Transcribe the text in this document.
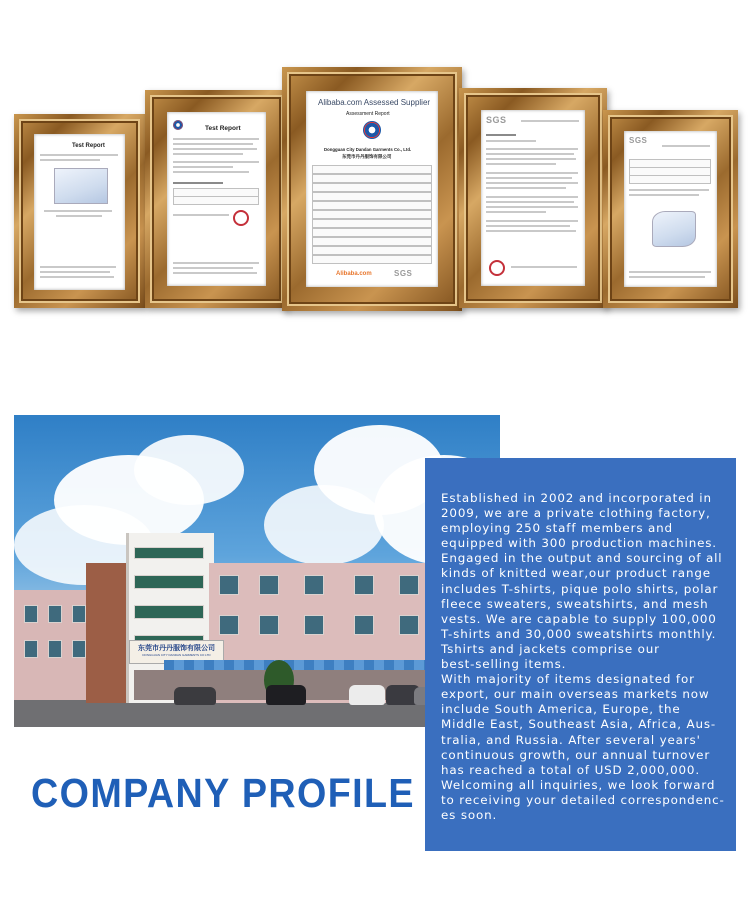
Test Report
Test Report
Alibaba.com Assessed Supplier
Assessment Report
Dongguan City Dandan Garments Co., Ltd.
东莞市丹丹服饰有限公司
Alibaba.com	SGS
SGS
SGS
东莞市丹丹服饰有限公司
DONGGUAN CITY DANDAN GARMENTS CO LTD

Established in 2002 and incorporated in
2009, we are a private clothing factory,
employing 250 staff members and
equipped with 300 production machines.
Engaged in the output and sourcing of all
kinds of knitted wear,our product range
includes T-shirts, pique polo shirts, polar
fleece sweaters, sweatshirts, and mesh
vests. We are capable to supply 100,000
T-shirts and 30,000 sweatshirts monthly.
Tshirts and jackets comprise our
best-selling items.
With majority of items designated for
export, our main overseas markets now
include South America, Europe, the
Middle East, Southeast Asia, Africa, Aus-
tralia, and Russia. After several years'
continuous growth, our annual turnover
has reached a total of USD 2,000,000.
Welcoming all inquiries, we look forward
to receiving your detailed correspondenc-
es soon.

COMPANY PROFILE
